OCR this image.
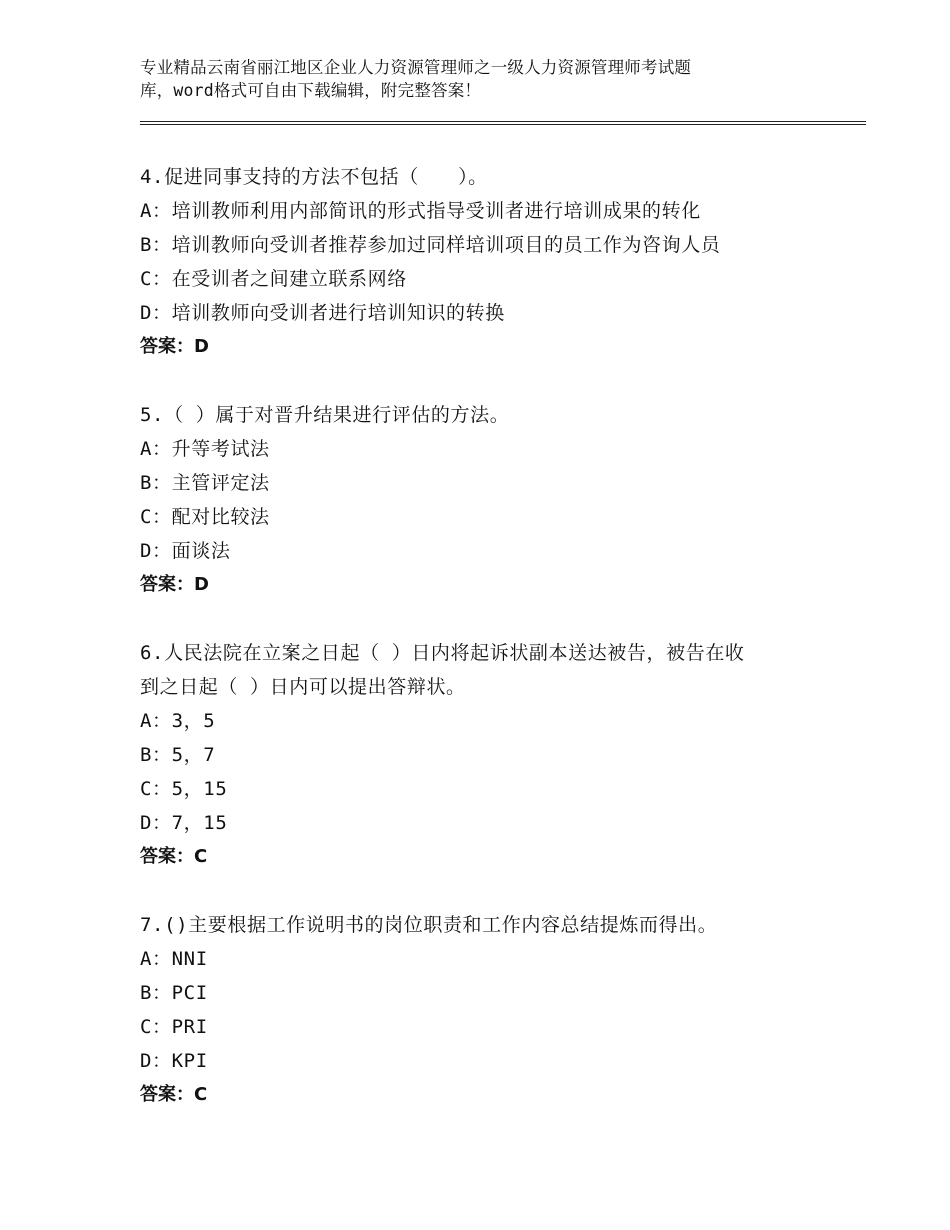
专业精品云南省丽江地区企业人力资源管理师之一级人力资源管理师考试题
库，word格式可自由下载编辑，附完整答案！
4.促进同事支持的方法不包括（　　）。
A：培训教师利用内部简讯的形式指导受训者进行培训成果的转化
B：培训教师向受训者推荐参加过同样培训项目的员工作为咨询人员
C：在受训者之间建立联系网络
D：培训教师向受训者进行培训知识的转换
答案：D
5.（ ）属于对晋升结果进行评估的方法。
A：升等考试法
B：主管评定法
C：配对比较法
D：面谈法
答案：D
6.人民法院在立案之日起（ ）日内将起诉状副本送达被告，被告在收
到之日起（ ）日内可以提出答辩状。
A：3，5
B：5，7
C：5，15
D：7，15
答案：C
7.()主要根据工作说明书的岗位职责和工作内容总结提炼而得出。
A：NNI
B：PCI
C：PRI
D：KPI
答案：C
